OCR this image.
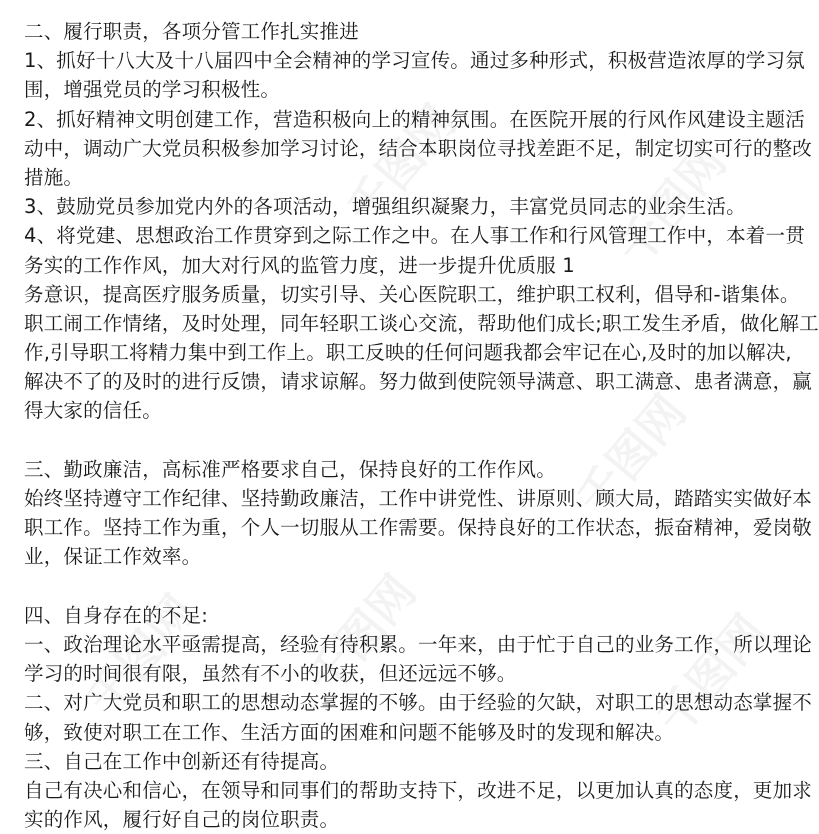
二、履行职责，各项分管工作扎实推进
1、抓好十八大及十八届四中全会精神的学习宣传。通过多种形式，积极营造浓厚的学习氛
围，增强党员的学习积极性。
2、抓好精神文明创建工作，营造积极向上的精神氛围。在医院开展的行风作风建设主题活
动中，调动广大党员积极参加学习讨论，结合本职岗位寻找差距不足，制定切实可行的整改
措施。
3、鼓励党员参加党内外的各项活动，增强组织凝聚力，丰富党员同志的业余生活。
4、将党建、思想政治工作贯穿到之际工作之中。在人事工作和行风管理工作中，本着一贯
务实的工作作风，加大对行风的监管力度，进一步提升优质服 1
务意识，提高医疗服务质量，切实引导、关心医院职工，维护职工权利，倡导和-谐集体。
职工闹工作情绪，及时处理，同年轻职工谈心交流，帮助他们成长;职工发生矛盾，做化解工
作,引导职工将精力集中到工作上。职工反映的任何问题我都会牢记在心,及时的加以解决,
解决不了的及时的进行反馈，请求谅解。努力做到使院领导满意、职工满意、患者满意，赢
得大家的信任。
三、勤政廉洁，高标准严格要求自己，保持良好的工作作风。
始终坚持遵守工作纪律、坚持勤政廉洁，工作中讲党性、讲原则、顾大局，踏踏实实做好本
职工作。坚持工作为重，个人一切服从工作需要。保持良好的工作状态，振奋精神，爱岗敬
业，保证工作效率。
四、自身存在的不足:
一、政治理论水平亟需提高，经验有待积累。一年来，由于忙于自己的业务工作，所以理论
学习的时间很有限，虽然有不小的收获，但还远远不够。
二、对广大党员和职工的思想动态掌握的不够。由于经验的欠缺，对职工的思想动态掌握不
够，致使对职工在工作、生活方面的困难和问题不能够及时的发现和解决。
三、自己在工作中创新还有待提高。
自己有决心和信心，在领导和同事们的帮助支持下，改进不足，以更加认真的态度，更加求
实的作风，履行好自己的岗位职责。
